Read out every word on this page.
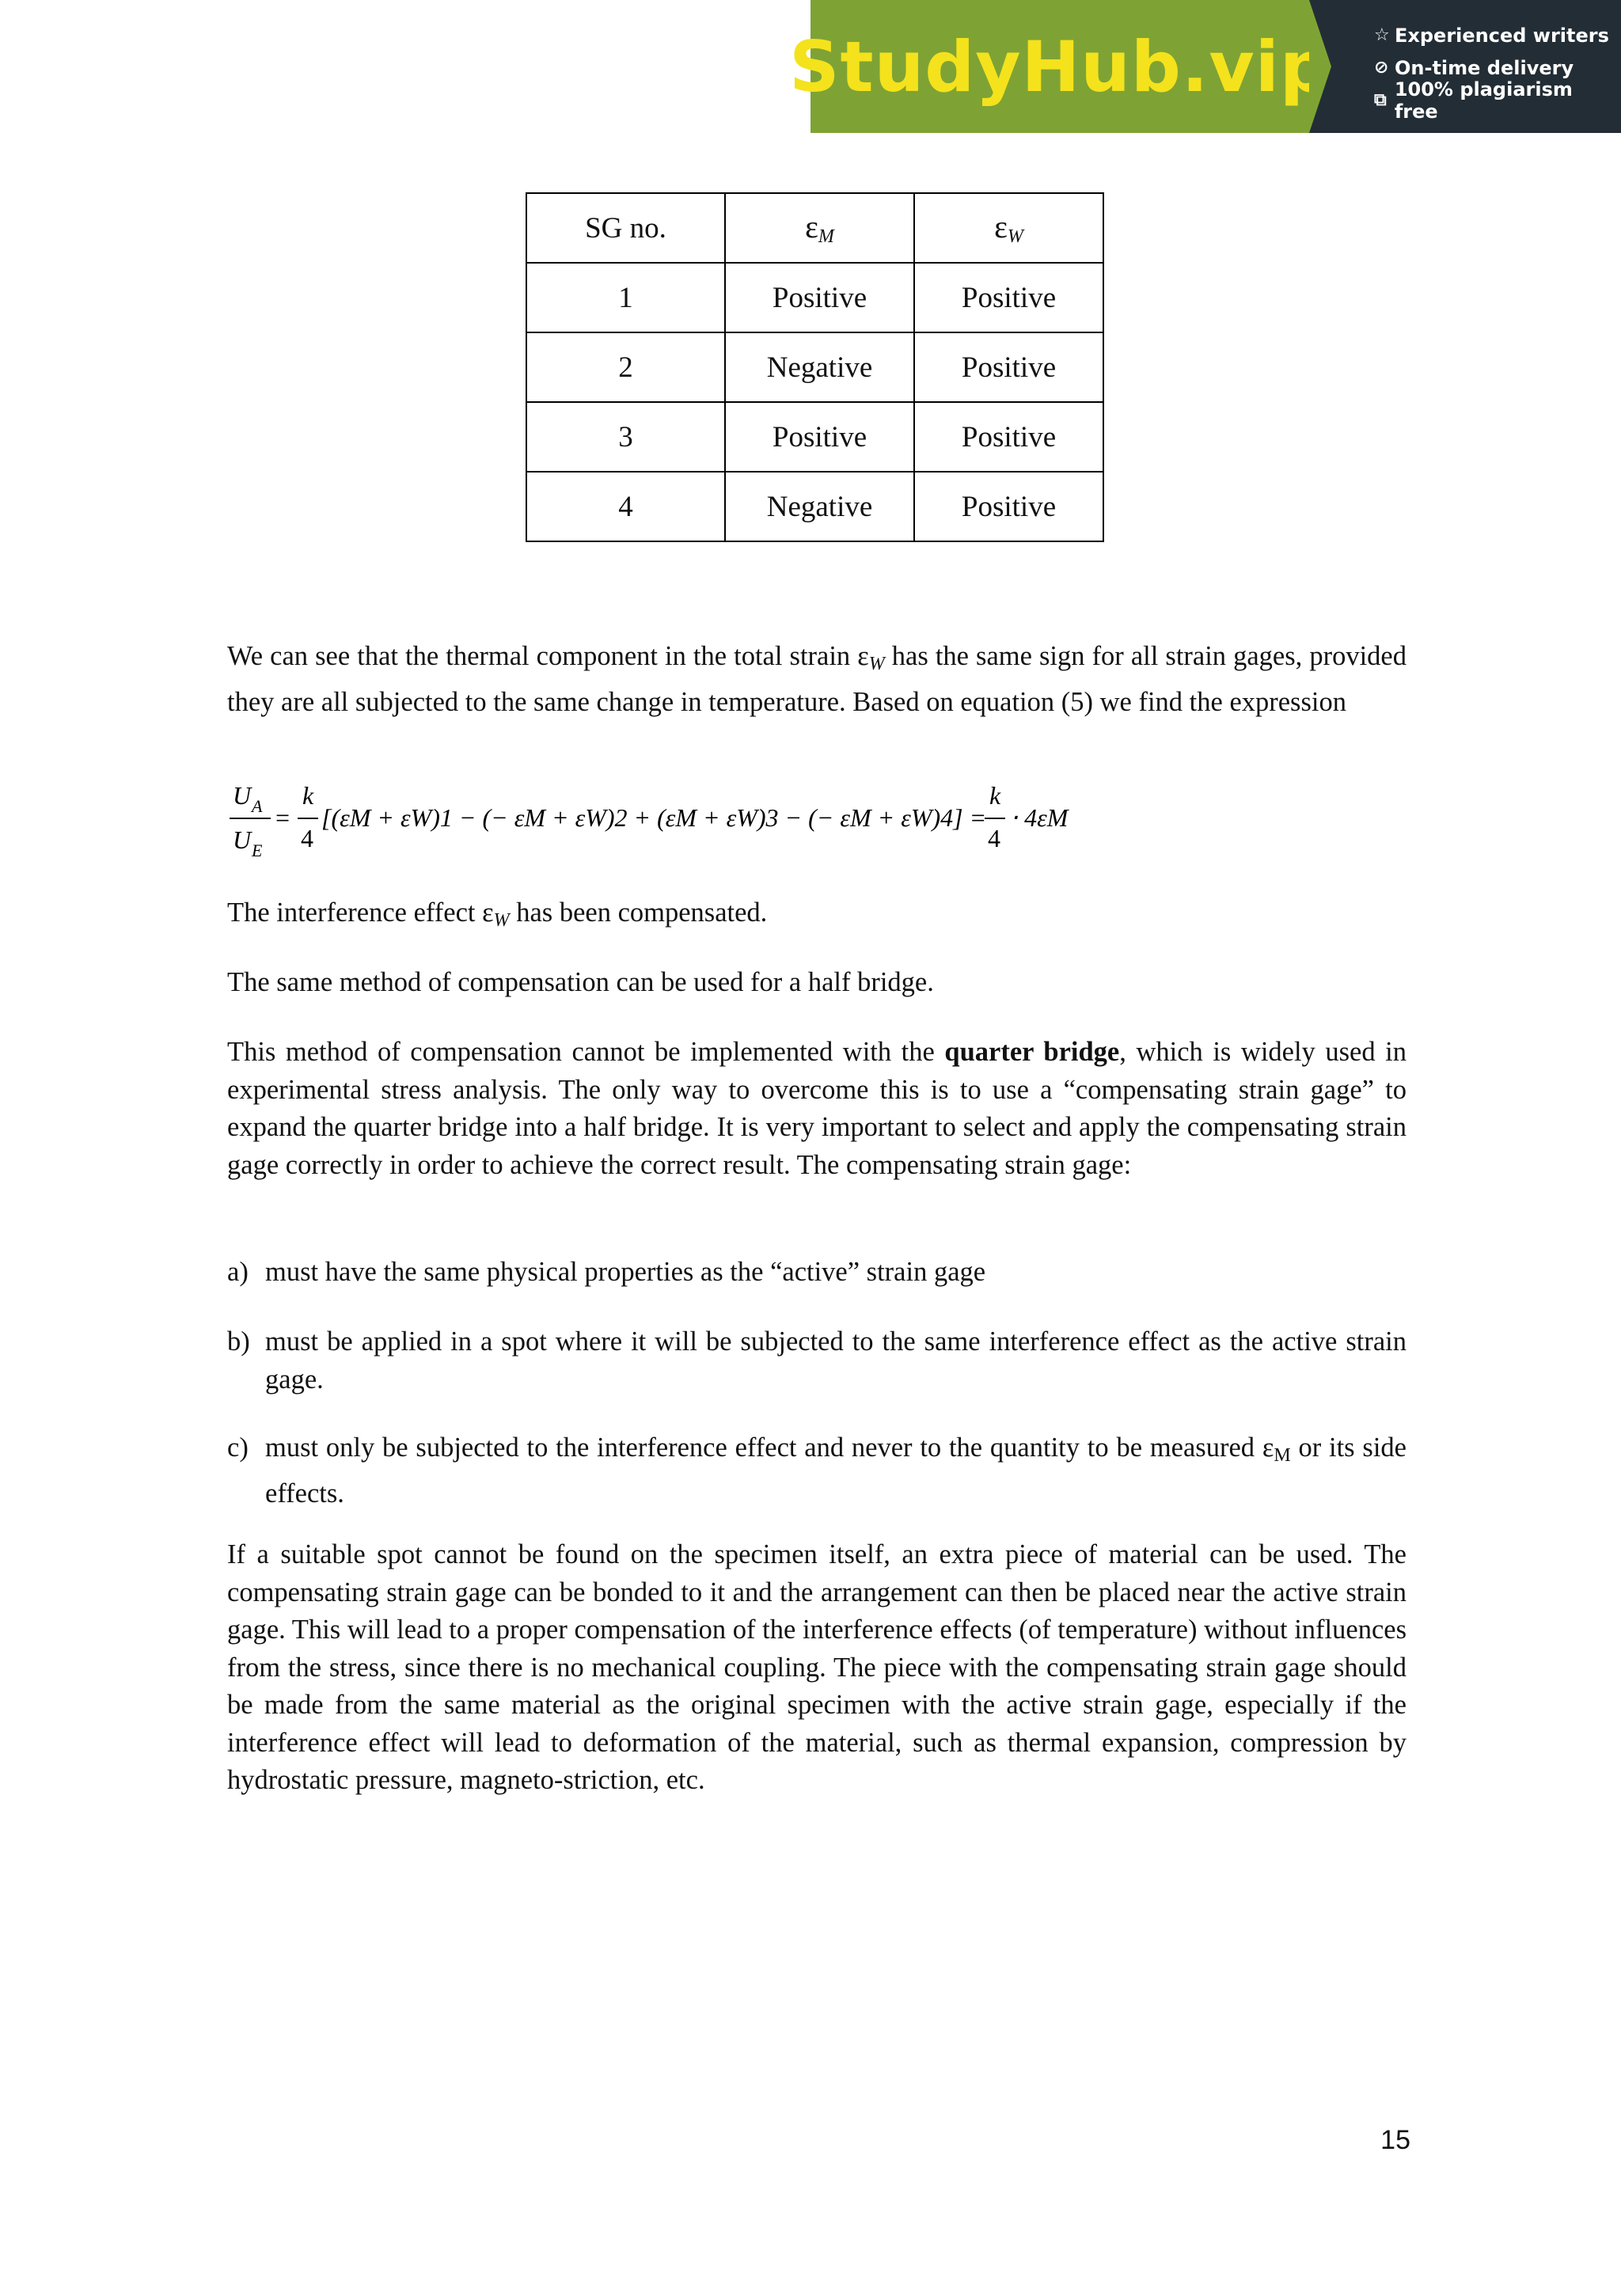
StudyHub.vip	☆ Experienced writers
⊘ On-time delivery
⧉ 100% plagiarism free
SG no.	$\varepsilon_M$	$\varepsilon_W$
1	Positive	Positive
2	Negative	Positive
3	Positive	Positive
4	Negative	Positive

We can see that the thermal component in the total strain $\varepsilon_W$ has the same sign for all strain gages, provided they are all subjected to the same change in temperature. Based on equation (5) we find the expression

U A
U E
=
k
4
[(εM + εW)1 − (− εM + εW)2 + (εM + εW)3 − (− εM + εW)4] =
k
4
⋅ 4εM

The interference effect $\varepsilon_W$ has been compensated.

The same method of compensation can be used for a half bridge.

This method of compensation cannot be implemented with the quarter bridge, which is widely used in experimental stress analysis. The only way to overcome this is to use a “compensating strain gage” to expand the quarter bridge into a half bridge. It is very important to select and apply the compensating strain gage correctly in order to achieve the correct result. The compensating strain gage:

a) must have the same physical properties as the “active” strain gage

b) must be applied in a spot where it will be subjected to the same interference effect as the active strain gage.

c) must only be subjected to the interference effect and never to the quantity to be measured $\varepsilon_M$ or its side effects.

If a suitable spot cannot be found on the specimen itself, an extra piece of material can be used. The compensating strain gage can be bonded to it and the arrangement can then be placed near the active strain gage. This will lead to a proper compensation of the interference effects (of temperature) without influences from the stress, since there is no mechanical coupling. The piece with the compensating strain gage should be made from the same material as the original specimen with the active strain gage, especially if the interference effect will lead to deformation of the material, such as thermal expansion, compression by hydrostatic pressure, magneto-striction, etc.

15
